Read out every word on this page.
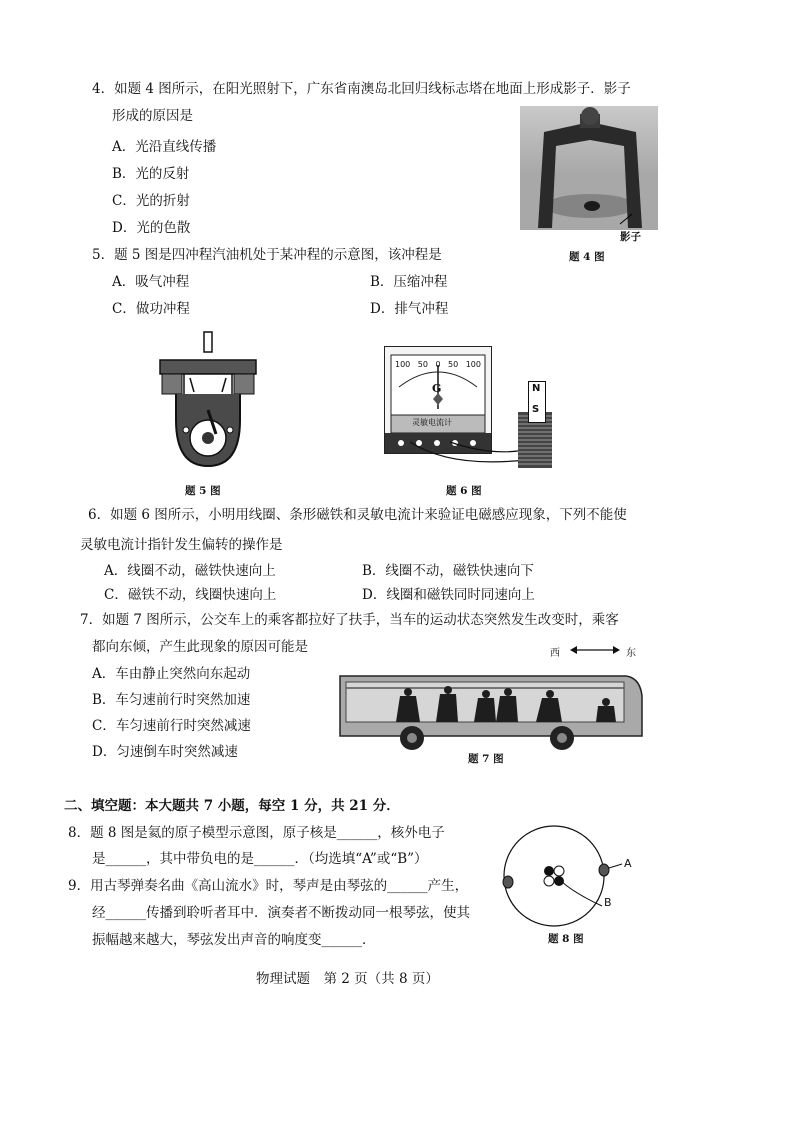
4．如题 4 图所示，在阳光照射下，广东省南澳岛北回归线标志塔在地面上形成影子．影子
形成的原因是
A．光沿直线传播
B．光的反射
C．光的折射
D．光的色散
影子
题 4 图
5．题 5 图是四冲程汽油机处于某冲程的示意图，该冲程是
A．吸气冲程	B．压缩冲程
C．做功冲程	D．排气冲程
题 5 图
100 50 0 50 100
G
灵敏电流计
N
S
题 6 图
6．如题 6 图所示，小明用线圈、条形磁铁和灵敏电流计来验证电磁感应现象，下列不能使
灵敏电流计指针发生偏转的操作是
A．线圈不动，磁铁快速向上	B．线圈不动，磁铁快速向下
C．磁铁不动，线圈快速向上	D．线圈和磁铁同时同速向上
7．如题 7 图所示，公交车上的乘客都拉好了扶手，当车的运动状态突然发生改变时，乘客
都向东倾，产生此现象的原因可能是
A．车由静止突然向东起动
B．车匀速前行时突然加速
C．车匀速前行时突然减速
D．匀速倒车时突然减速
西	东
题 7 图
二、填空题：本大题共 7 小题，每空 1 分，共 21 分．
8．题 8 图是氦的原子模型示意图，原子核是______，核外电子
是______，其中带负电的是______．（均选填“A”或“B”）	A
B
题 8 图
9．用古琴弹奏名曲《高山流水》时，琴声是由琴弦的______产生，
经______传播到聆听者耳中．演奏者不断拨动同一根琴弦，使其
振幅越来越大，琴弦发出声音的响度变______．
物理试题　第 2 页（共 8 页）
